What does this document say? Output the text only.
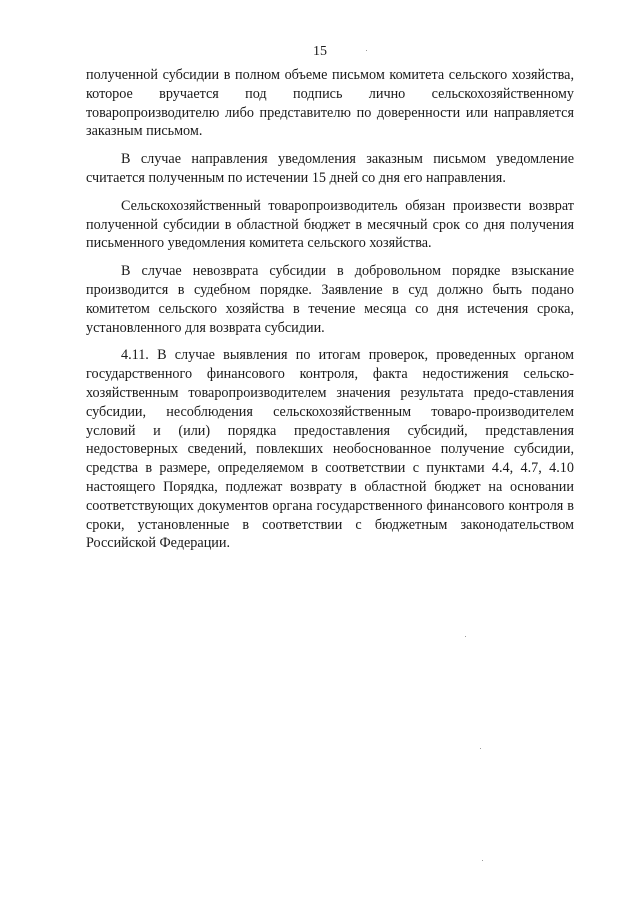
15

полученной субсидии в полном объеме письмом комитета сельского хозяйства, которое вручается под подпись лично сельскохозяйственному товаропроизводителю либо представителю по доверенности или направляется заказным письмом.

В случае направления уведомления заказным письмом уведомление считается полученным по истечении 15 дней со дня его направления.

Сельскохозяйственный товаропроизводитель обязан произвести возврат полученной субсидии в областной бюджет в месячный срок со дня получения письменного уведомления комитета сельского хозяйства.

В случае невозврата субсидии в добровольном порядке взыскание производится в судебном порядке. Заявление в суд должно быть подано комитетом сельского хозяйства в течение месяца со дня истечения срока, установленного для возврата субсидии.

4.11. В случае выявления по итогам проверок, проведенных органом государственного финансового контроля, факта недостижения сельско-хозяйственным товаропроизводителем значения результата предо-ставления субсидии, несоблюдения сельскохозяйственным товаро-производителем условий и (или) порядка предоставления субсидий, представления недостоверных сведений, повлекших необоснованное получение субсидии, средства в размере, определяемом в соответствии с пунктами 4.4, 4.7, 4.10 настоящего Порядка, подлежат возврату в областной бюджет на основании соответствующих документов органа государственного финансового контроля в сроки, установленные в соответствии с бюджетным законодательством Российской Федерации.
